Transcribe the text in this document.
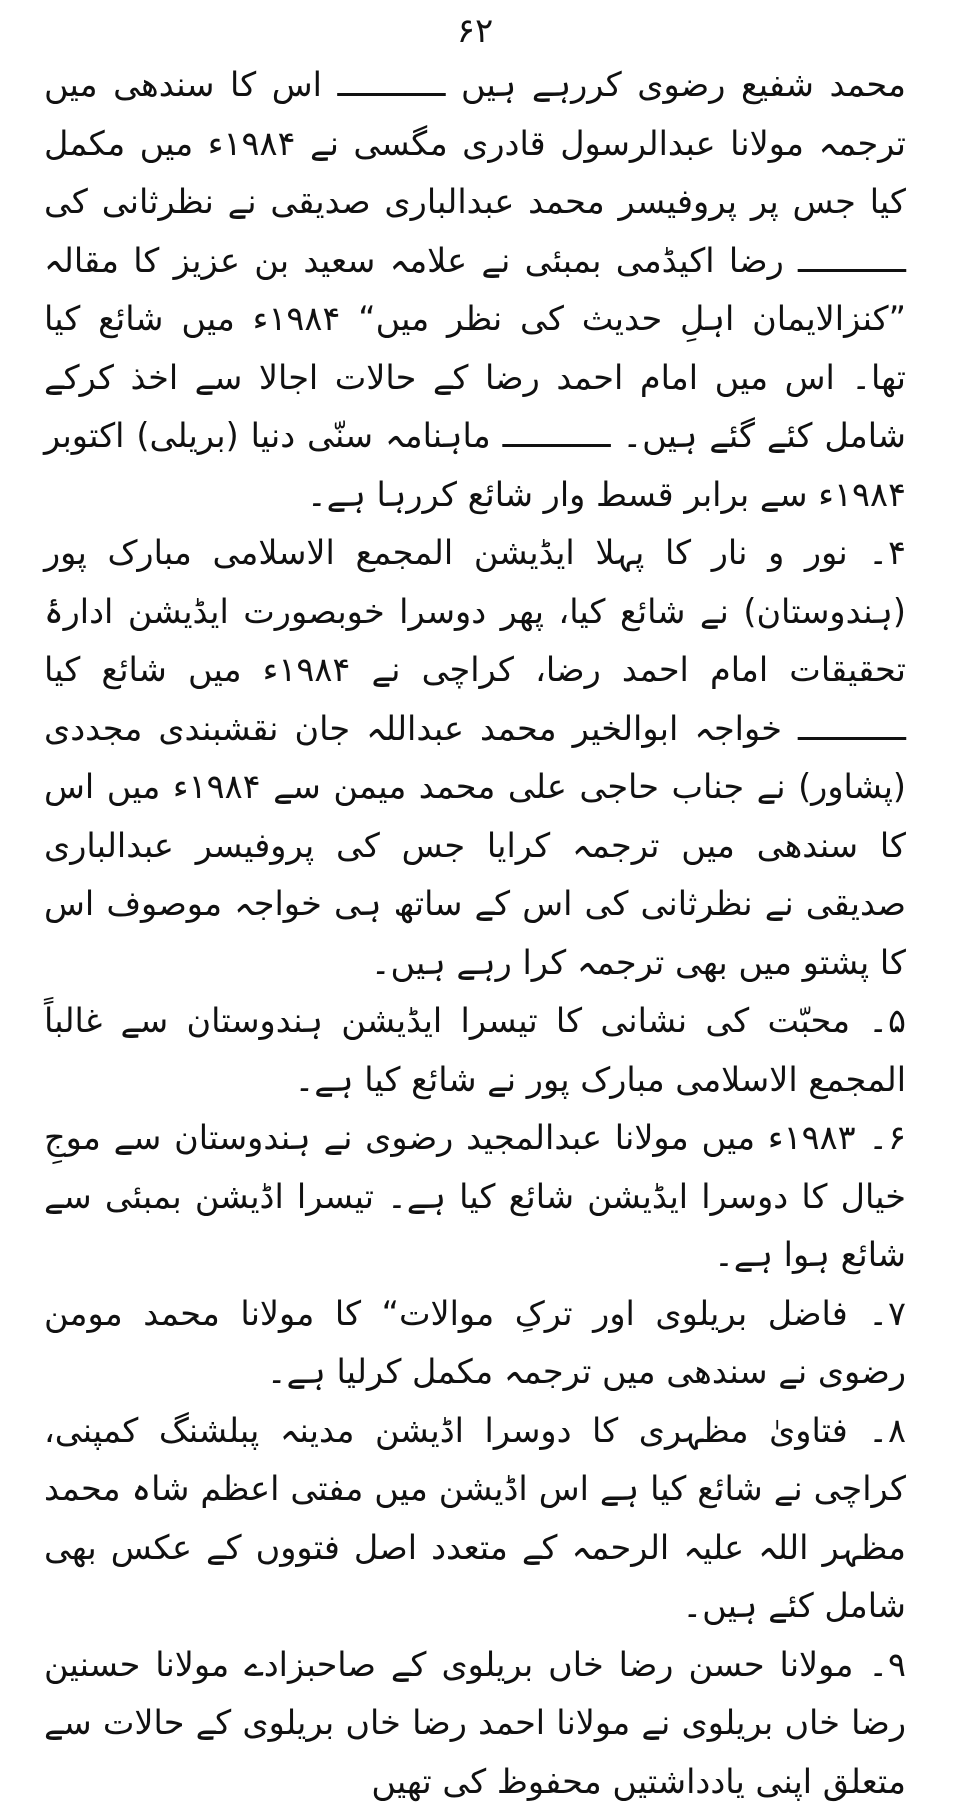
۶۲

محمد شفیع رضوی کررہے ہیں ـــــــــــ اس کا سندھی میں ترجمہ مولانا عبدالرسول قادری مگسی نے ۱۹۸۴ء میں مکمل کیا جس پر پروفیسر محمد عبدالباری صدیقی نے نظرثانی کی ـــــــــــ رضا اکیڈمی بمبئی نے علامہ سعید بن عزیز کا مقالہ ”کنزالایمان اہلِ حدیث کی نظر میں“ ۱۹۸۴ء میں شائع کیا تھا۔ اس میں امام احمد رضا کے حالات اجالا سے اخذ کرکے شامل کئے گئے ہیں۔ ـــــــــــ ماہنامہ سنّی دنیا (بریلی) اکتوبر ۱۹۸۴ء سے برابر قسط وار شائع کررہا ہے۔

۴۔ نور و نار کا پہلا ایڈیشن المجمع الاسلامی مبارک پور (ہندوستان) نے شائع کیا، پھر دوسرا خوبصورت ایڈیشن ادارۂ تحقیقات امام احمد رضا، کراچی نے ۱۹۸۴ء میں شائع کیا ـــــــــــ خواجہ ابوالخیر محمد عبداللہ جان نقشبندی مجددی (پشاور) نے جناب حاجی علی محمد میمن سے ۱۹۸۴ء میں اس کا سندھی میں ترجمہ کرایا جس کی پروفیسر عبدالباری صدیقی نے نظرثانی کی اس کے ساتھ ہی خواجہ موصوف اس کا پشتو میں بھی ترجمہ کرا رہے ہیں۔

۵۔ محبّت کی نشانی کا تیسرا ایڈیشن ہندوستان سے غالباً المجمع الاسلامی مبارک پور نے شائع کیا ہے۔

۶۔ ۱۹۸۳ء میں مولانا عبدالمجید رضوی نے ہندوستان سے موجِ خیال کا دوسرا ایڈیشن شائع کیا ہے۔ تیسرا اڈیشن بمبئی سے شائع ہوا ہے۔

۷۔ فاضل بریلوی اور ترکِ موالات“ کا مولانا محمد مومن رضوی نے سندھی میں ترجمہ مکمل کرلیا ہے۔

۸۔ فتاویٰ مظہری کا دوسرا اڈیشن مدینہ پبلشنگ کمپنی، کراچی نے شائع کیا ہے اس اڈیشن میں مفتی اعظم شاہ محمد مظہر اللہ علیہ الرحمہ کے متعدد اصل فتووں کے عکس بھی شامل کئے ہیں۔

۹۔ مولانا حسن رضا خاں بریلوی کے صاحبزادے مولانا حسنین رضا خاں بریلوی نے مولانا احمد رضا خاں بریلوی کے حالات سے متعلق اپنی یادداشتیں محفوظ کی تھیں
